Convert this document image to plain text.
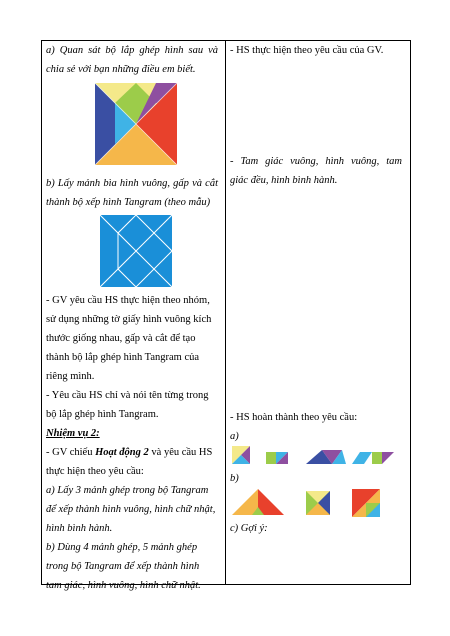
a) Quan sát bộ lắp ghép hình sau và

chia sẻ với bạn những điều em biết.

b) Lấy mảnh bìa hình vuông, gấp và cắt

thành bộ xếp hình Tangram (theo mẫu)

- GV yêu cầu HS thực hiện theo nhóm,

sử dụng những tờ giấy hình vuông kích

thước giống nhau, gấp và cắt để tạo

thành bộ lắp ghép hình Tangram của

riêng mình.

- Yêu cầu HS chỉ và nói tên từng trong

bộ lắp ghép hình Tangram.

Nhiệm vụ 2:

- GV chiếu Hoạt động 2 và yêu cầu HS

thực hiện theo yêu cầu:

a) Lấy 3 mảnh ghép trong bộ Tangram

để xếp thành hình vuông, hình chữ nhật,

hình bình hành.

b) Dùng 4 mảnh ghép, 5 mảnh ghép

trong bộ Tangram để xếp thành hình

tam giác, hình vuông, hình chữ nhật.

- HS thực hiện theo yêu cầu của GV.

- Tam giác vuông, hình vuông, tam

giác đều, hình bình hành.

- HS hoàn thành theo yêu cầu:

a)

b)

c) Gợi ý:
